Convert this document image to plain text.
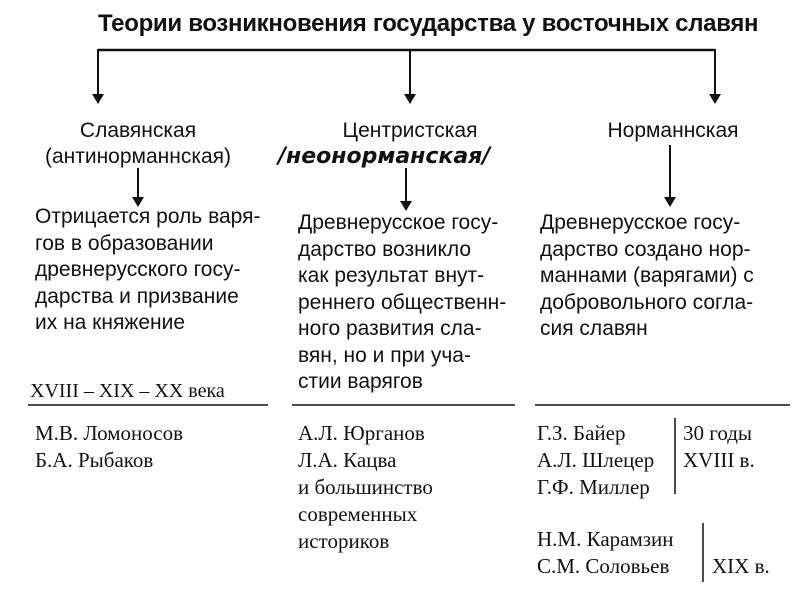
Теории возникновения государства у восточных славян
Славянская
(антинорманнская)
Отрицается роль варя-
гов в образовании
древнерусского госу-
дарства и призвание
их на княжение
XVIII – XIX – XX века
М.В. Ломоносов
Б.А. Рыбаков
Центристская
/неонорманская/
Древнерусское госу-
дарство возникло
как результат внут-
реннего общественн-
ного развития сла-
вян, но и при уча-
стии варягов
А.Л. Юрганов
Л.А. Кацва
и большинство
современных
историков
Норманнская
Древнерусское госу-
дарство создано нор-
маннами (варягами) с
добровольного согла-
сия славян
Г.З. Байер
А.Л. Шлецер
Г.Ф. Миллер
30 годы
XVIII в.
Н.М. Карамзин
С.М. Соловьев XIX в.
